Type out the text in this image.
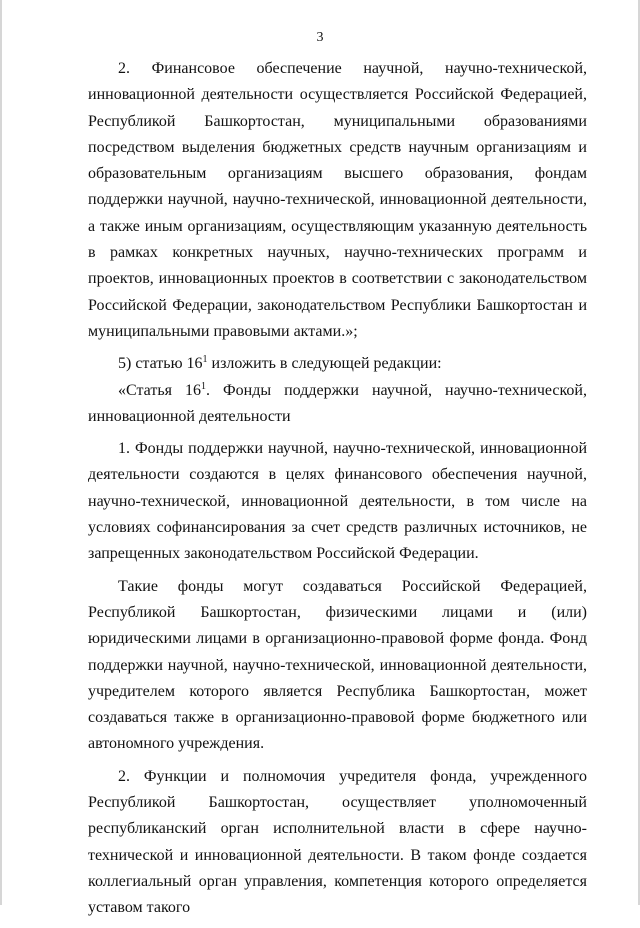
3

2. Финансовое обеспечение научной, научно-технической, инновационной деятельности осуществляется Российской Федерацией, Республикой Башкортостан, муниципальными образованиями посредством выделения бюджетных средств научным организациям и образовательным организациям высшего образования, фондам поддержки научной, научно-технической, инновационной деятельности, а также иным организациям, осуществляющим указанную деятельность в рамках конкретных научных, научно-технических программ и проектов, инновационных проектов в соответствии с законодательством Российской Федерации, законодательством Республики Башкортостан и муниципальными правовыми актами.»;

5) статью $16^1$ изложить в следующей редакции:

«Статья $16^1$. Фонды поддержки научной, научно-технической, инновационной деятельности

1. Фонды поддержки научной, научно-технической, инновационной деятельности создаются в целях финансового обеспечения научной, научно-технической, инновационной деятельности, в том числе на условиях софинансирования за счет средств различных источников, не запрещенных законодательством Российской Федерации.

Такие фонды могут создаваться Российской Федерацией, Республикой Башкортостан, физическими лицами и (или) юридическими лицами в организационно-правовой форме фонда. Фонд поддержки научной, научно-технической, инновационной деятельности, учредителем которого является Республика Башкортостан, может создаваться также в организационно-правовой форме бюджетного или автономного учреждения.

2. Функции и полномочия учредителя фонда, учрежденного Республикой Башкортостан, осуществляет уполномоченный республиканский орган исполнительной власти в сфере научно-технической и инновационной деятельности. В таком фонде создается коллегиальный орган управления, компетенция которого определяется уставом такого
